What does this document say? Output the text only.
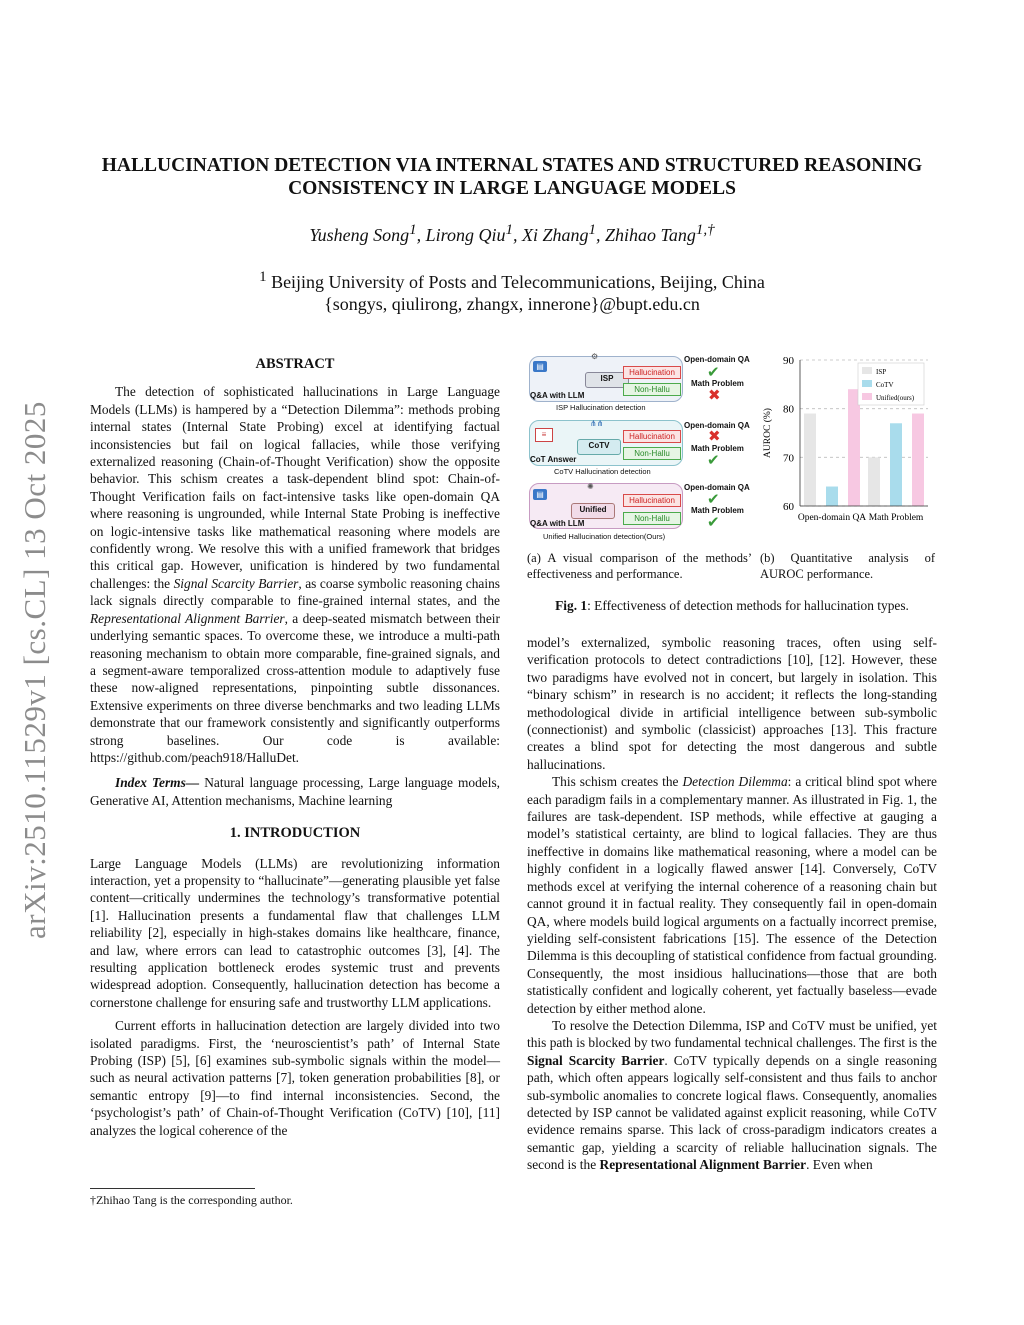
arXiv:2510.11529v1 [cs.CL] 13 Oct 2025
HALLUCINATION DETECTION VIA INTERNAL STATES AND STRUCTURED REASONING
CONSISTENCY IN LARGE LANGUAGE MODELS
Yusheng Song$^1$, Lirong Qiu$^1$, Xi Zhang$^1$, Zhihao Tang$^{1,\dagger}$
$^1$ Beijing University of Posts and Telecommunications, Beijing, China
{songys, qiulirong, zhangx, innerone}@bupt.edu.cn
ABSTRACT

The detection of sophisticated hallucinations in Large Language Models (LLMs) is hampered by a “Detection Dilemma”: methods probing internal states (Internal State Probing) excel at identifying factual inconsistencies but fail on logical fallacies, while those verifying externalized reasoning (Chain-of-Thought Verification) show the opposite behavior. This schism creates a task-dependent blind spot: Chain-of-Thought Verification fails on fact-intensive tasks like open-domain QA where reasoning is ungrounded, while Internal State Probing is ineffective on logic-intensive tasks like mathematical reasoning where models are confidently wrong. We resolve this with a unified framework that bridges this critical gap. However, unification is hindered by two fundamental challenges: the Signal Scarcity Barrier, as coarse symbolic reasoning chains lack signals directly comparable to fine-grained internal states, and the Representational Alignment Barrier, a deep-seated mismatch between their underlying semantic spaces. To overcome these, we introduce a multi-path reasoning mechanism to obtain more comparable, fine-grained signals, and a segment-aware temporalized cross-attention module to adaptively fuse these now-aligned representations, pinpointing subtle dissonances. Extensive experiments on three diverse benchmarks and two leading LLMs demonstrate that our framework consistently and significantly outperforms strong baselines. Our code is available: https://github.com/peach918/HalluDet.

Index Terms— Natural language processing, Large language models, Generative AI, Attention mechanisms, Machine learning

1. INTRODUCTION

Large Language Models (LLMs) are revolutionizing information interaction, yet a propensity to “hallucinate”—generating plausible yet false content—critically undermines the technology’s transformative potential [1]. Hallucination presents a fundamental flaw that challenges LLM reliability [2], especially in high-stakes domains like healthcare, finance, and law, where errors can lead to catastrophic outcomes [3], [4]. The resulting application bottleneck erodes systemic trust and prevents widespread adoption. Consequently, hallucination detection has become a cornerstone challenge for ensuring safe and trustworthy LLM applications.

Current efforts in hallucination detection are largely divided into two isolated paradigms. First, the ‘neuroscientist’s path’ of Internal State Probing (ISP) [5], [6] examines sub-symbolic signals within the model—such as neural activation patterns [7], token generation probabilities [8], or semantic entropy [9]—to find internal inconsistencies. Second, the ‘psychologist’s path’ of Chain-of-Thought Verification (CoTV) [10], [11] analyzes the logical coherence of the

†Zhihao Tang is the corresponding author.
▤
ISP
⚙
Hallucination
Non-Hallu
Q&A with LLM
ISP Hallucination detection
Open-domain QA
✔
Math Problem
✖
≡
CoTV
⋔⋔
Hallucination
Non-Hallu
CoT Answer
CoTV Hallucination detection
Open-domain QA
✖
Math Problem
✔
▤
Unified
✺
Hallucination
Non-Hallu
Q&A with LLM
Unified Hallucination detection(Ours)
Open-domain QA
✔
Math Problem
✔
60
70
80
90
AUROC (%)
Open-domain QA Math Problem
ISP
CoTV
Unified(ours)
(a) A visual comparison of the methods’ effectiveness and performance.
(b) Quantitative analysis of AUROC performance.
Fig. 1: Effectiveness of detection methods for hallucination types.

model’s externalized, symbolic reasoning traces, often using self-verification protocols to detect contradictions [10], [12]. However, these two paradigms have evolved not in concert, but largely in isolation. This “binary schism” in research is no accident; it reflects the long-standing methodological divide in artificial intelligence between sub-symbolic (connectionist) and symbolic (classicist) approaches [13]. This fracture creates a blind spot for detecting the most dangerous and subtle hallucinations.

This schism creates the Detection Dilemma: a critical blind spot where each paradigm fails in a complementary manner. As illustrated in Fig. 1, the failures are task-dependent. ISP methods, while effective at gauging a model’s statistical certainty, are blind to logical fallacies. They are thus ineffective in domains like mathematical reasoning, where a model can be highly confident in a logically flawed answer [14]. Conversely, CoTV methods excel at verifying the internal coherence of a reasoning chain but cannot ground it in factual reality. They consequently fail in open-domain QA, where models build logical arguments on a factually incorrect premise, yielding self-consistent fabrications [15]. The essence of the Detection Dilemma is this decoupling of statistical confidence from factual grounding. Consequently, the most insidious hallucinations—those that are both statistically confident and logically coherent, yet factually baseless—evade detection by either method alone.

To resolve the Detection Dilemma, ISP and CoTV must be unified, yet this path is blocked by two fundamental technical challenges. The first is the Signal Scarcity Barrier. CoTV typically depends on a single reasoning path, which often appears logically self-consistent and thus fails to anchor sub-symbolic anomalies to concrete logical flaws. Consequently, anomalies detected by ISP cannot be validated against explicit reasoning, while CoTV evidence remains sparse. This lack of cross-paradigm indicators creates a semantic gap, yielding a scarcity of reliable hallucination signals. The second is the Representational Alignment Barrier. Even when
